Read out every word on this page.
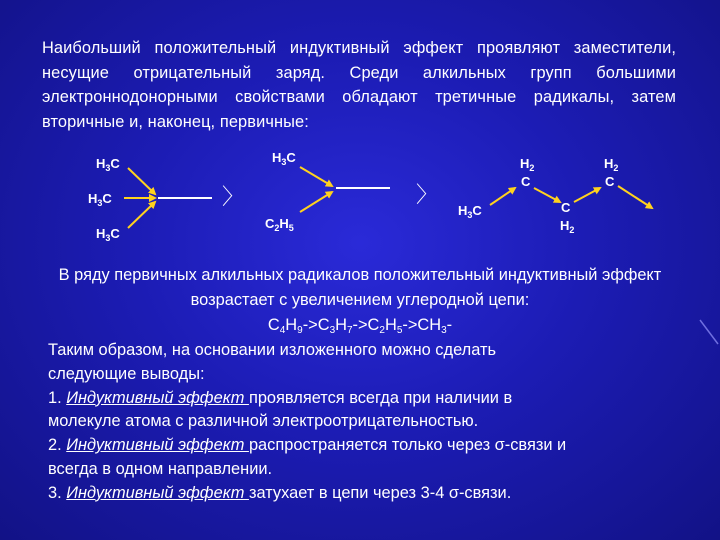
Наибольший положительный индуктивный эффект проявляют заместители, несущие отрицательный заряд. Среди алкильных групп большими электроннодонорными свойствами обладают третичные радикалы, затем вторичные и, наконец, первичные:

$H_3C$
$H_3C$
$H_3C$
〉
$H_3C$
$C_2H_5$
〉
$H_3C$
$H_2$
C
C
$H_2$
$H_2$
C

В ряду первичных алкильных радикалов положительный индуктивный эффект возрастает с увеличением углеродной цепи:
$C_4H_9->C_3H_7->C_2H_5->CH_3-$

Таким образом, на основании изложенного можно сделать
следующие выводы:
1. Индуктивный эффект проявляется всегда при наличии в
молекуле атома с различной электроотрицательностью.
2. Индуктивный эффект распространяется только через σ-связи и
всегда в одном направлении.
3. Индуктивный эффект затухает в цепи через 3-4 σ-связи.
